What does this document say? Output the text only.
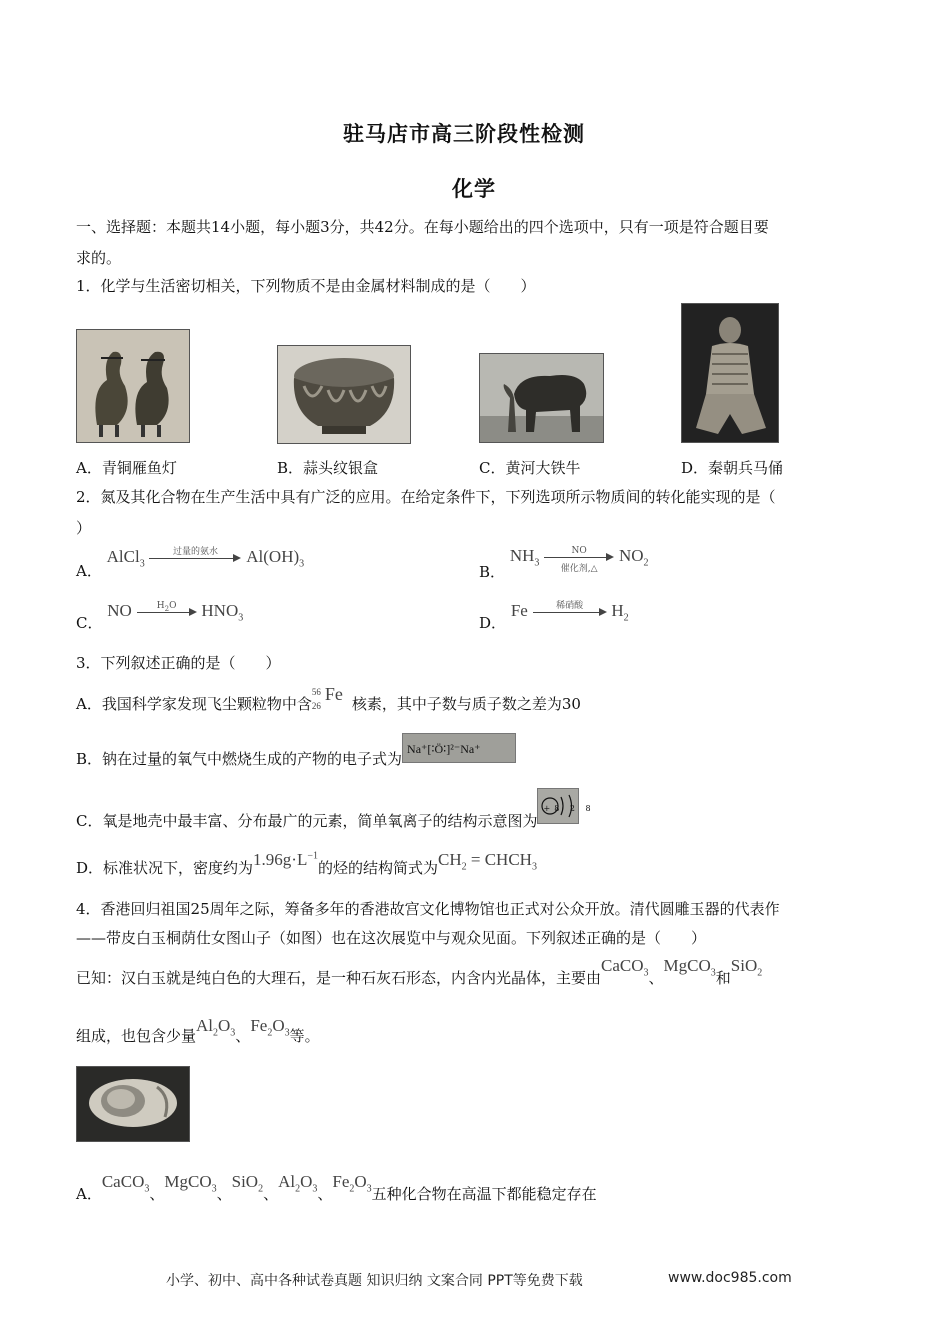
驻马店市高三阶段性检测
化学
一、选择题：本题共14小题，每小题3分，共42分。在每小题给出的四个选项中，只有一项是符合题目要
求的。
1．化学与生活密切相关，下列物质不是由金属材料制成的是（　　）
A．青铜雁鱼灯	B．蒜头纹银盒	C．黄河大铁牛	D．秦朝兵马俑
2．氮及其化合物在生产生活中具有广泛的应用。在给定条件下，下列选项所示物质间的转化能实现的是（
）
A． AlCl$_3$
过量的氨水	$Al(OH)_3$	B． $NH_3$
NO
催化剂,△
$NO_2$
C． NO	$H_2O$	$HNO_3$	D． Fe	稀硝酸	$H_2$
3．下列叙述正确的是（　　）
A．我国科学家发现飞尘颗粒物中含
56
26
Fe 核素，其中子数与质子数之差为30
B．钠在过量的氧气中燃烧生成的产物的电子式为
Na⁺[∶Ö∶]²⁻Na⁺
C．氧是地壳中最丰富、分布最广的元素，简单氧离子的结构示意图为
+8 2 8
D．标准状况下，密度约为$1.96g\cdot L^{-1}$的烃的结构简式为$CH_2$ = $CHCH_3$
4．香港回归祖国25周年之际，筹备多年的香港故宫文化博物馆也正式对公众开放。清代圆雕玉器的代表作
——带皮白玉桐荫仕女图山子（如图）也在这次展览中与观众见面。下列叙述正确的是（　　）
已知：汉白玉就是纯白色的大理石，是一种石灰石形态，内含内光晶体，主要由CaCO$_3$、MgCO$_3$和SiO$_2$
组成，也包含少量$Al_2O_3$、$Fe_2O_3$等。
A．CaCO$_3$、MgCO$_3$、SiO$_2$、$Al_2O_3$、$Fe_2O_3$五种化合物在高温下都能稳定存在
小学、初中、高中各种试卷真题 知识归纳 文案合同 PPT等免费下载	www.doc985.com
